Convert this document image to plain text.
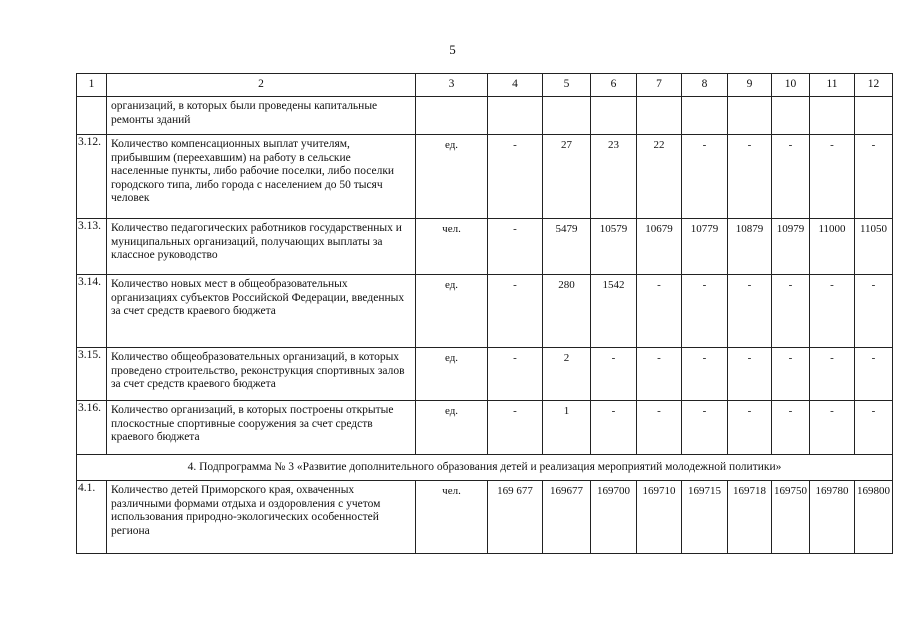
5
1	2	3	4	5	6	7	8	9	10	11	12
	организаций, в которых были проведены капитальные ремонты зданий										
3.12.	Количество компенсационных выплат учителям, прибывшим (переехавшим) на работу в сельские населенные пункты, либо рабочие поселки, либо поселки городского типа, либо города с населением до 50 тысяч человек	ед.	-	27	23	22	-	-	-	-	-
3.13.	Количество педагогических работников государственных и муниципальных организаций, получающих выплаты за классное руководство	чел.	-	5479	10579	10679	10779	10879	10979	11000	11050
3.14.	Количество новых мест в общеобразовательных организациях субъектов Российской Федерации, введенных за счет средств краевого бюджета	ед.	-	280	1542	-	-	-	-	-	-
3.15.	Количество общеобразовательных организаций, в которых проведено строительство, реконструкция спортивных залов за счет средств краевого бюджета	ед.	-	2	-	-	-	-	-	-	-
3.16.	Количество организаций, в которых построены открытые плоскостные спортивные сооружения за счет средств краевого бюджета	ед.	-	1	-	-	-	-	-	-	-
4. Подпрограмма № 3 «Развитие дополнительного образования детей и реализация мероприятий молодежной политики»											
4.1.	Количество детей Приморского края, охваченных различными формами отдыха и оздоровления с учетом использования природно-экологических особенностей региона	чел.	169 677	169677	169700	169710	169715	169718	169750	169780	169800
